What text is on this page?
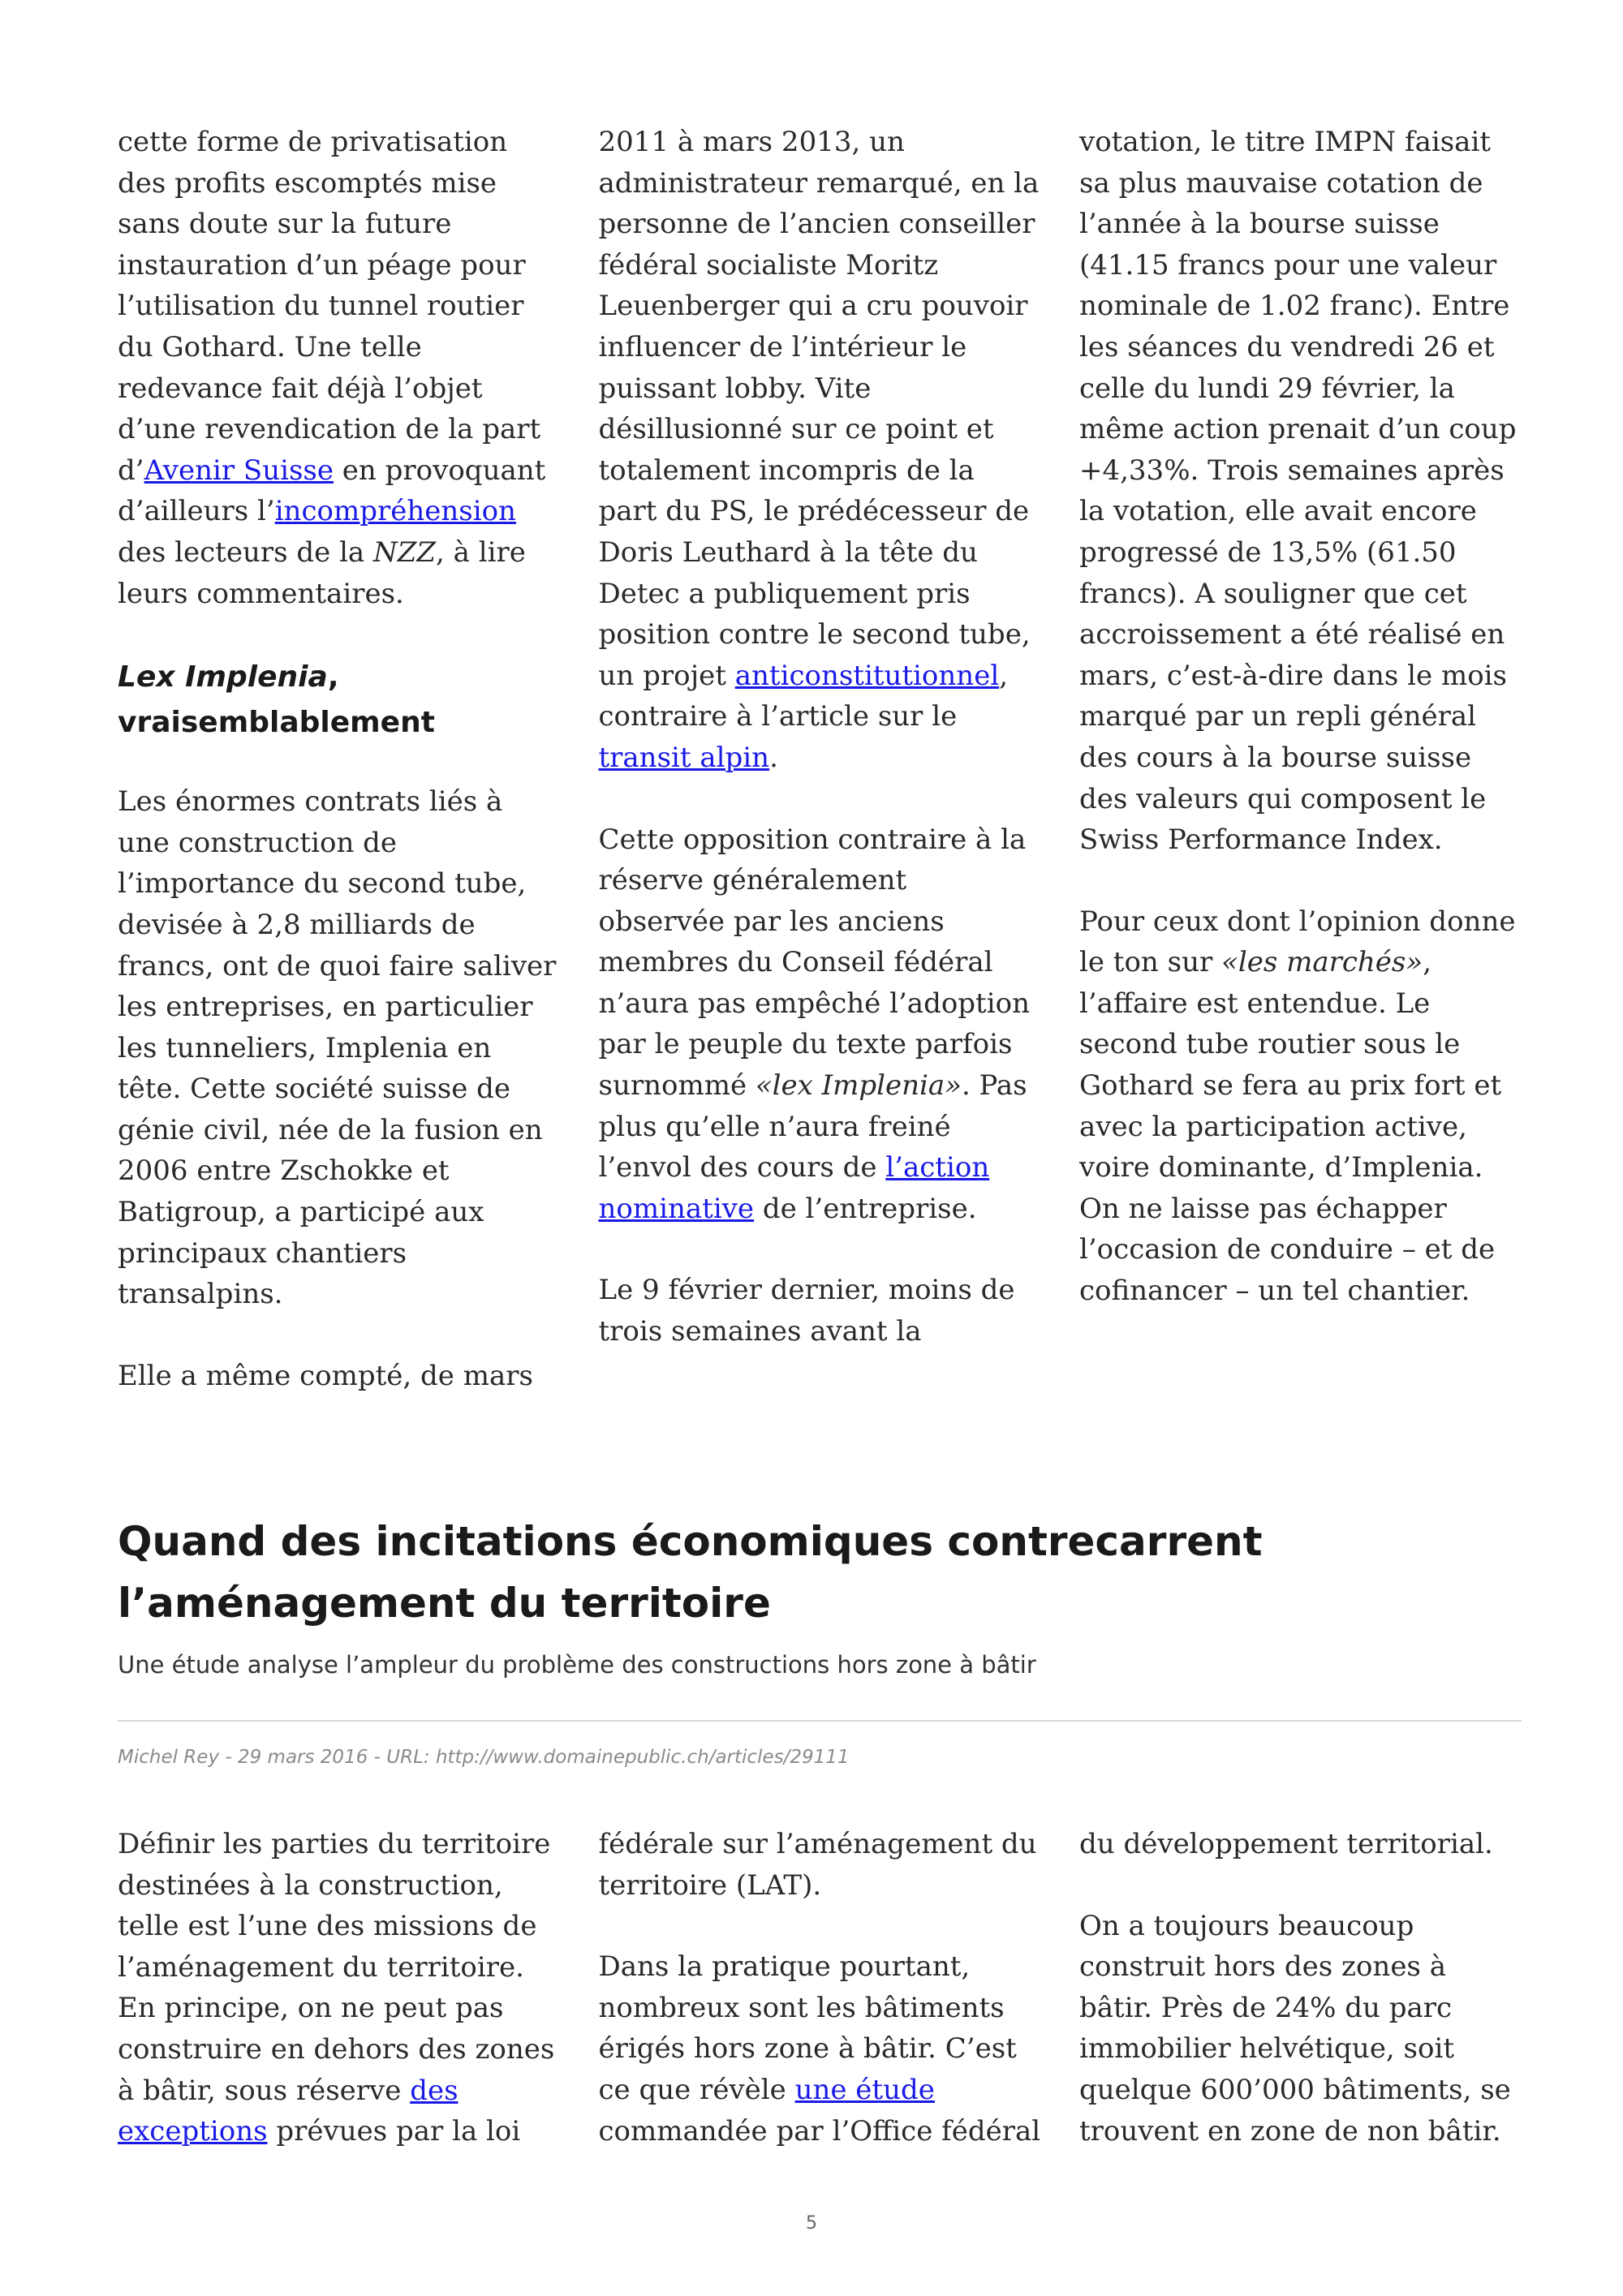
cette forme de privatisation des profits escomptés mise sans doute sur la future instauration d’un péage pour l’utilisation du tunnel routier du Gothard. Une telle redevance fait déjà l’objet d’une revendication de la part d’Avenir Suisse en provoquant d’ailleurs l’incompréhension des lecteurs de la NZZ, à lire leurs commentaires.

Lex Implenia, vraisemblablement

Les énormes contrats liés à une construction de l’importance du second tube, devisée à 2,8 milliards de francs, ont de quoi faire saliver les entreprises, en particulier les tunneliers, Implenia en tête. Cette société suisse de génie civil, née de la fusion en 2006 entre Zschokke et Batigroup, a participé aux principaux chantiers transalpins.

Elle a même compté, de mars

2011 à mars 2013, un administrateur remarqué, en la personne de l’ancien conseiller fédéral socialiste Moritz Leuenberger qui a cru pouvoir influencer de l’intérieur le puissant lobby. Vite désillusionné sur ce point et totalement incompris de la part du PS, le prédécesseur de Doris Leuthard à la tête du Detec a publiquement pris position contre le second tube, un projet anticonstitutionnel, contraire à l’article sur le transit alpin.

Cette opposition contraire à la réserve généralement observée par les anciens membres du Conseil fédéral n’aura pas empêché l’adoption par le peuple du texte parfois surnommé «lex Implenia». Pas plus qu’elle n’aura freiné l’envol des cours de l’action nominative de l’entreprise.

Le 9 février dernier, moins de trois semaines avant la

votation, le titre IMPN faisait sa plus mauvaise cotation de l’année à la bourse suisse (41.15 francs pour une valeur nominale de 1.02 franc). Entre les séances du vendredi 26 et celle du lundi 29 février, la même action prenait d’un coup +4,33%. Trois semaines après la votation, elle avait encore progressé de 13,5% (61.50 francs). A souligner que cet accroissement a été réalisé en mars, c’est-à-dire dans le mois marqué par un repli général des cours à la bourse suisse des valeurs qui composent le Swiss Performance Index.

Pour ceux dont l’opinion donne le ton sur «les marchés», l’affaire est entendue. Le second tube routier sous le Gothard se fera au prix fort et avec la participation active, voire dominante, d’Implenia. On ne laisse pas échapper l’occasion de conduire – et de cofinancer – un tel chantier.

Quand des incitations économiques contrecarrent l’aménagement du territoire

Une étude analyse l’ampleur du problème des constructions hors zone à bâtir

Michel Rey - 29 mars 2016 - URL: http://www.domainepublic.ch/articles/29111

Définir les parties du territoire destinées à la construction, telle est l’une des missions de l’aménagement du territoire. En principe, on ne peut pas construire en dehors des zones à bâtir, sous réserve des exceptions prévues par la loi

fédérale sur l’aménagement du territoire (LAT).

Dans la pratique pourtant, nombreux sont les bâtiments érigés hors zone à bâtir. C’est ce que révèle une étude commandée par l’Office fédéral

du développement territorial.

On a toujours beaucoup construit hors des zones à bâtir. Près de 24% du parc immobilier helvétique, soit quelque 600’000 bâtiments, se trouvent en zone de non bâtir.

5
